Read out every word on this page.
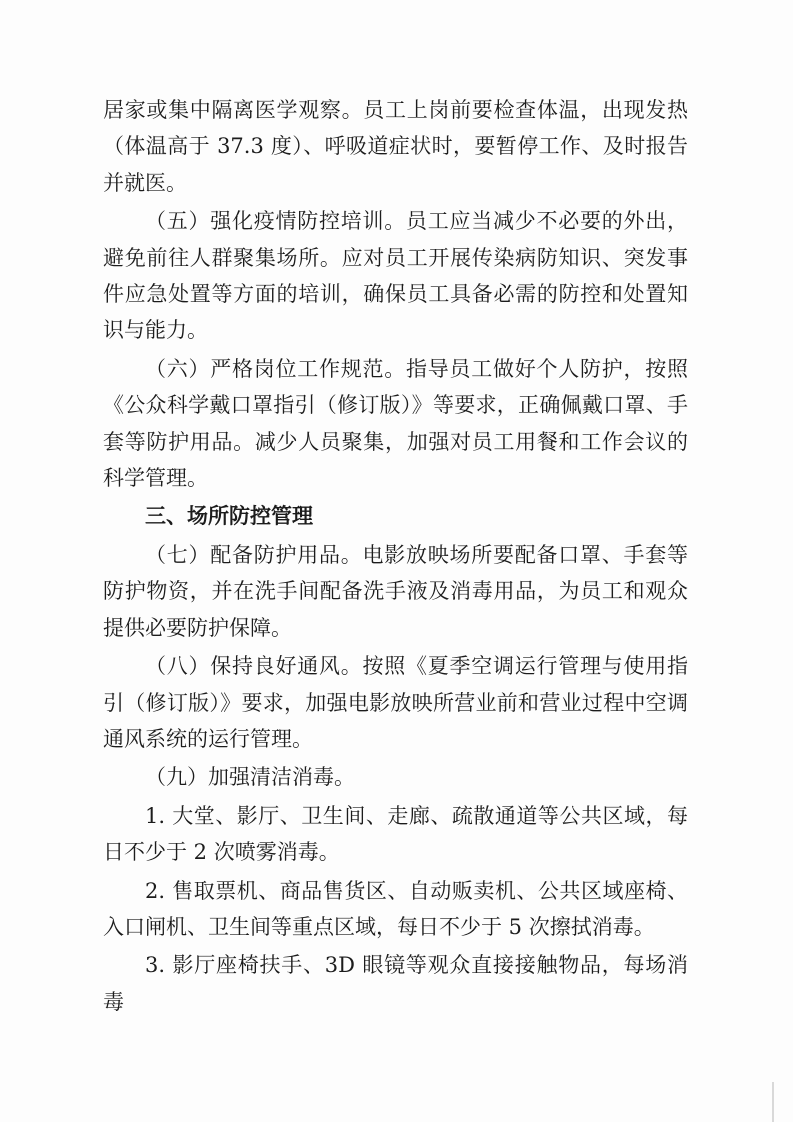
居家或集中隔离医学观察。员工上岗前要检查体温，出现发热（体温高于 37.3 度）、呼吸道症状时，要暂停工作、及时报告并就医。

（五）强化疫情防控培训。员工应当减少不必要的外出，避免前往人群聚集场所。应对员工开展传染病防知识、突发事件应急处置等方面的培训，确保员工具备必需的防控和处置知识与能力。

（六）严格岗位工作规范。指导员工做好个人防护，按照《公众科学戴口罩指引（修订版）》等要求，正确佩戴口罩、手套等防护用品。减少人员聚集，加强对员工用餐和工作会议的科学管理。

三、场所防控管理

（七）配备防护用品。电影放映场所要配备口罩、手套等防护物资，并在洗手间配备洗手液及消毒用品，为员工和观众提供必要防护保障。

（八）保持良好通风。按照《夏季空调运行管理与使用指引（修订版）》要求，加强电影放映所营业前和营业过程中空调通风系统的运行管理。

（九）加强清洁消毒。

1. 大堂、影厅、卫生间、走廊、疏散通道等公共区域，每日不少于 2 次喷雾消毒。

2. 售取票机、商品售货区、自动贩卖机、公共区域座椅、入口闸机、卫生间等重点区域，每日不少于 5 次擦拭消毒。

3. 影厅座椅扶手、3D 眼镜等观众直接接触物品，每场消毒
